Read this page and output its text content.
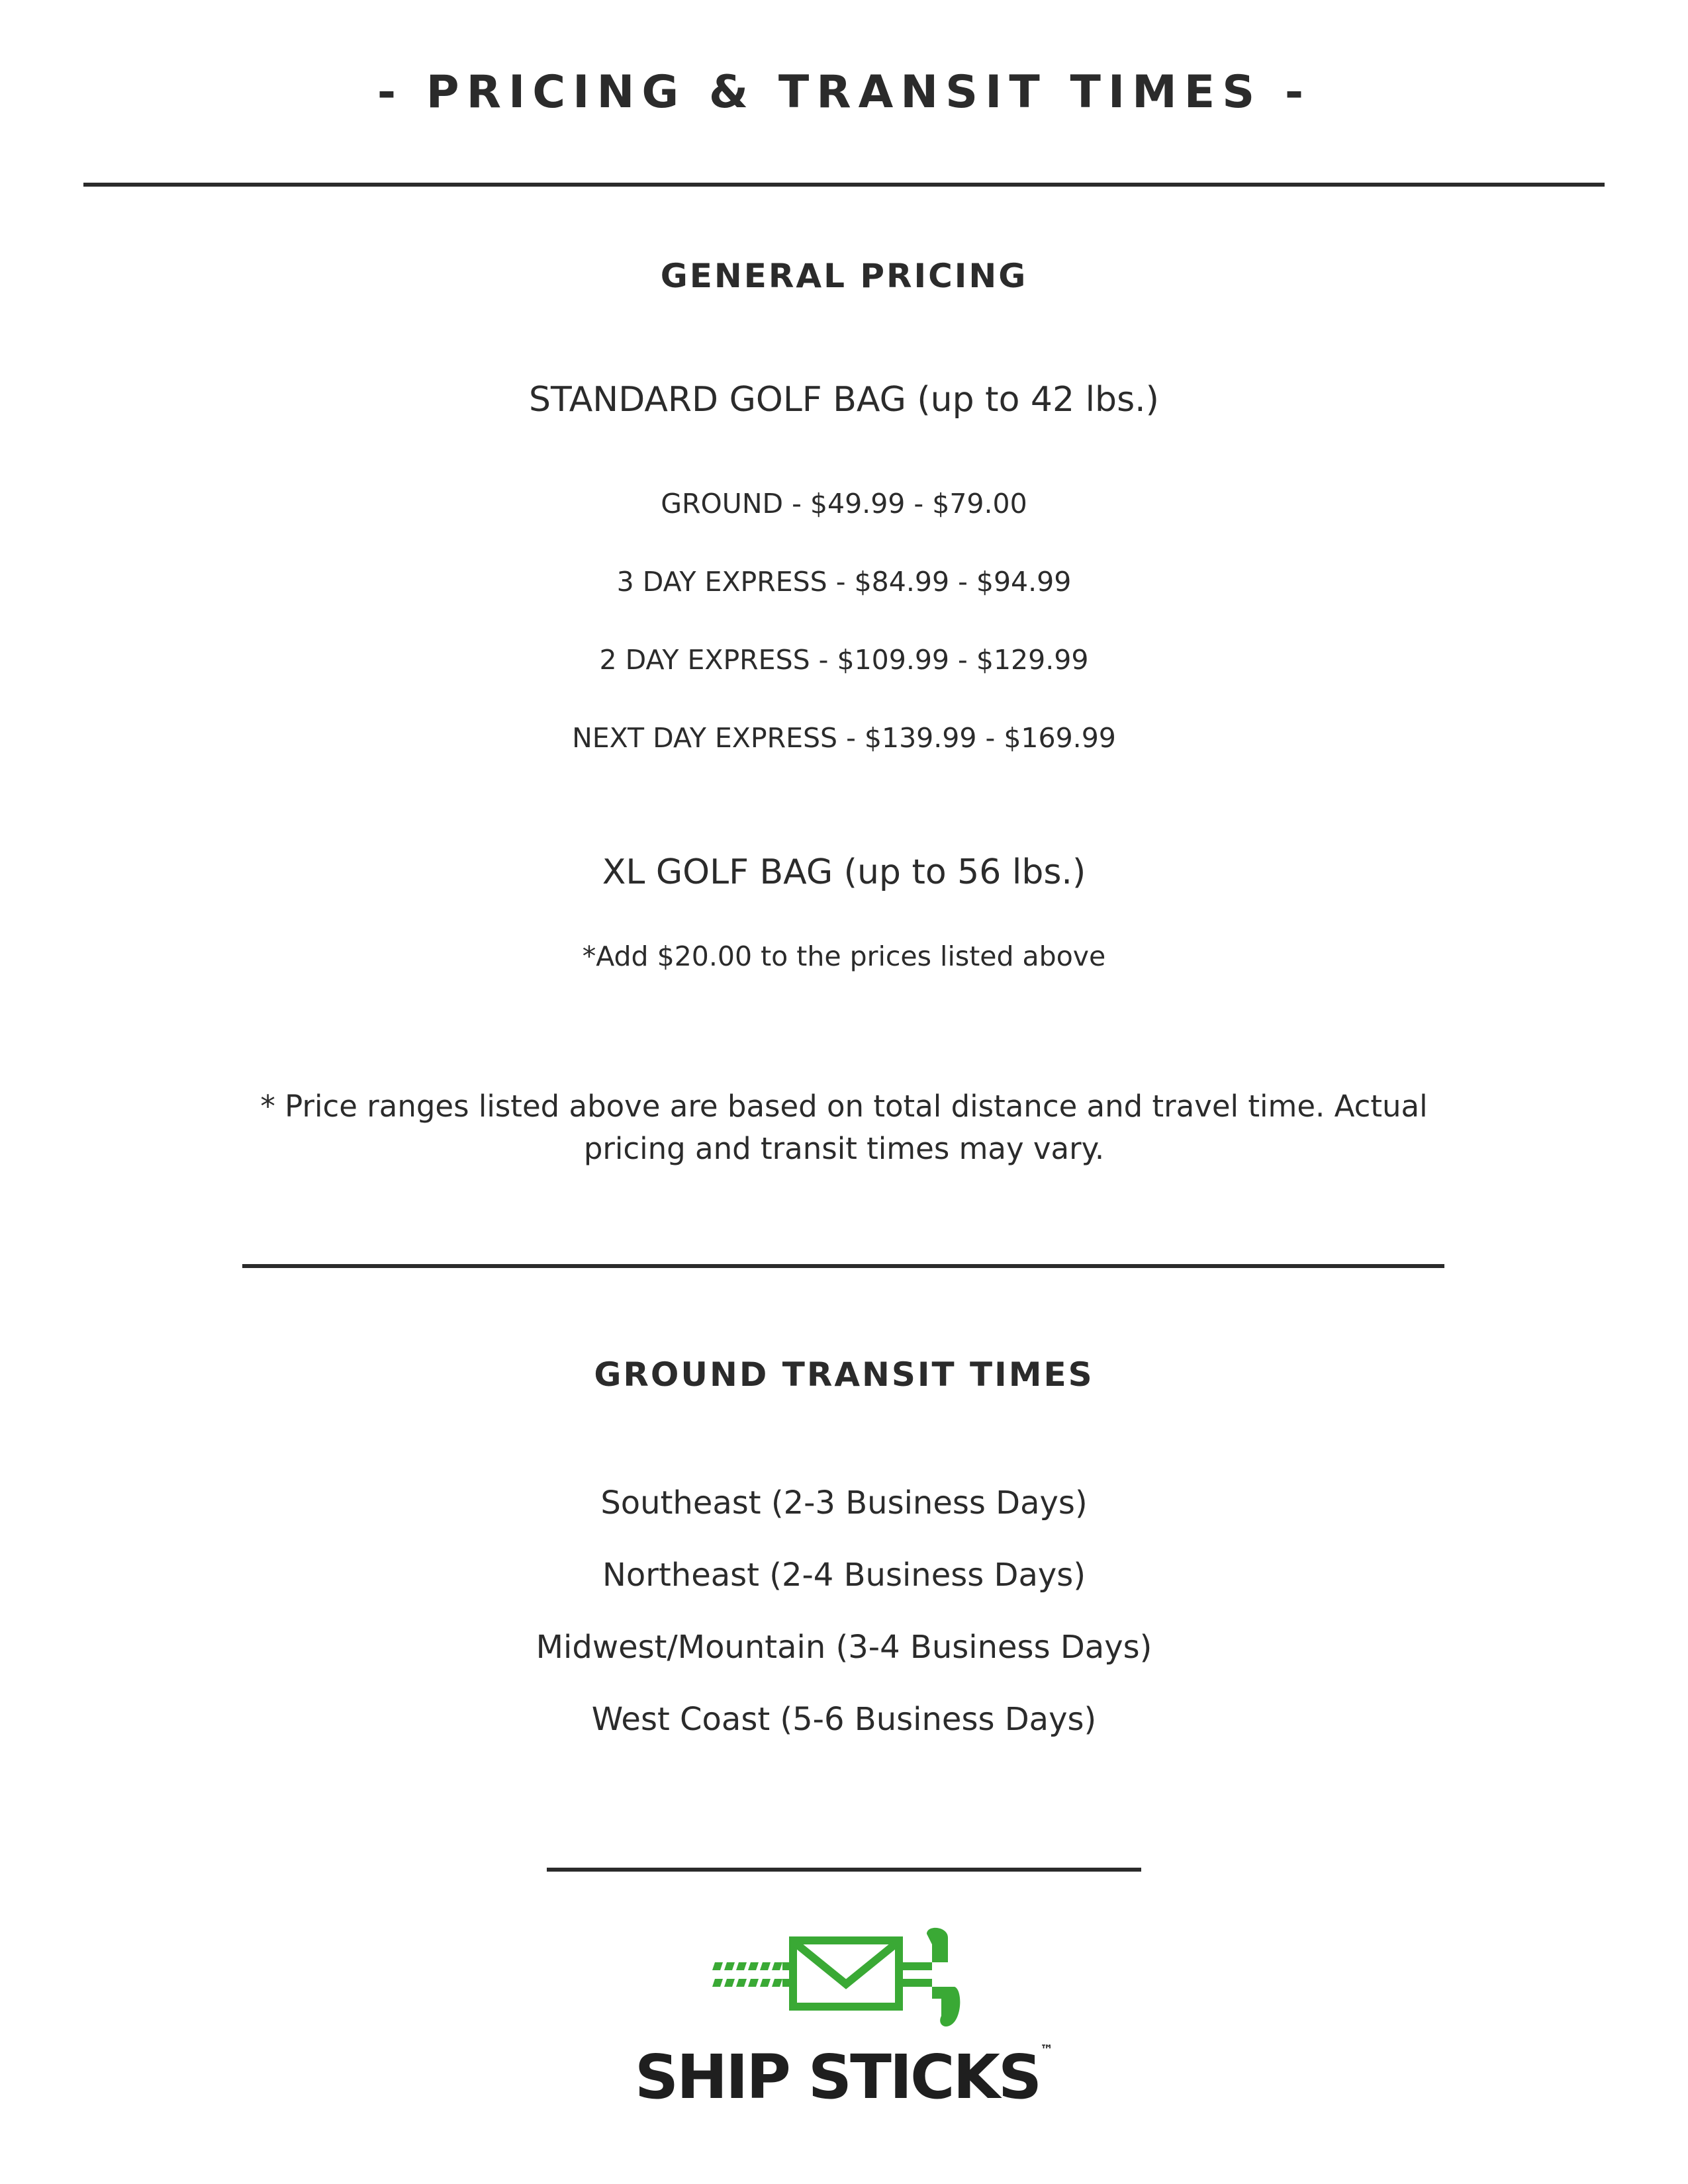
- PRICING & TRANSIT TIMES -
GENERAL PRICING
STANDARD GOLF BAG (up to 42 lbs.)
GROUND - $49.99 - $79.00
3 DAY EXPRESS - $84.99 - $94.99
2 DAY EXPRESS - $109.99 - $129.99
NEXT DAY EXPRESS - $139.99 - $169.99
XL GOLF BAG (up to 56 lbs.)
*Add $20.00 to the prices listed above
* Price ranges listed above are based on total distance and travel time. Actual pricing and transit times may vary.
GROUND TRANSIT TIMES
Southeast (2-3 Business Days)
Northeast (2-4 Business Days)
Midwest/Mountain (3-4 Business Days)
West Coast (5-6 Business Days)
SHIP STICKS™
